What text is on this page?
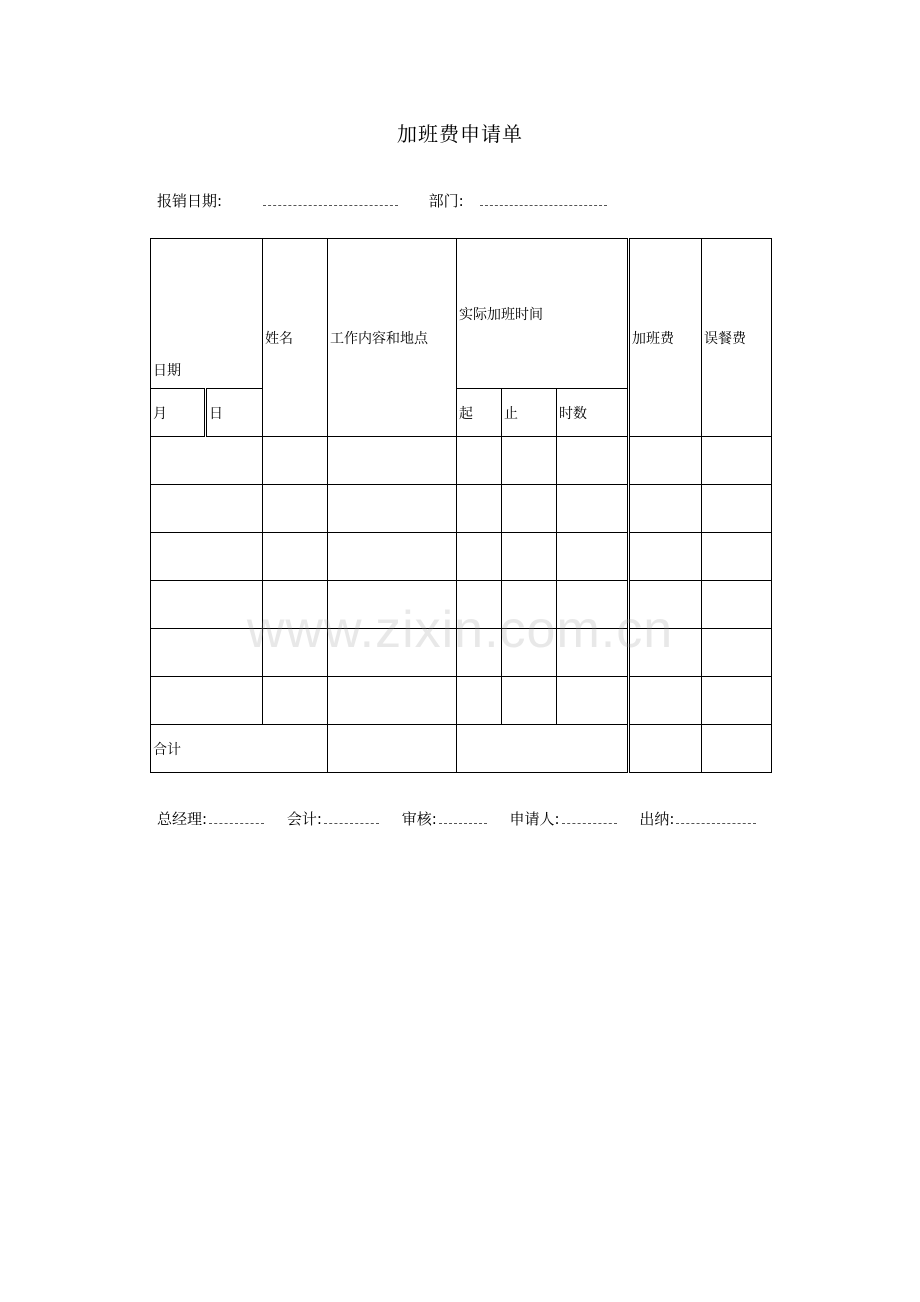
加班费申请单
报销日期:	部门:
日期		姓名	工作内容和地点	实际加班时间			加班费	误餐费
月	日			起	止	时数		

合计								
www.zixin.com.cn
总经理:	会计:	审核:	申请人:	出纳:
